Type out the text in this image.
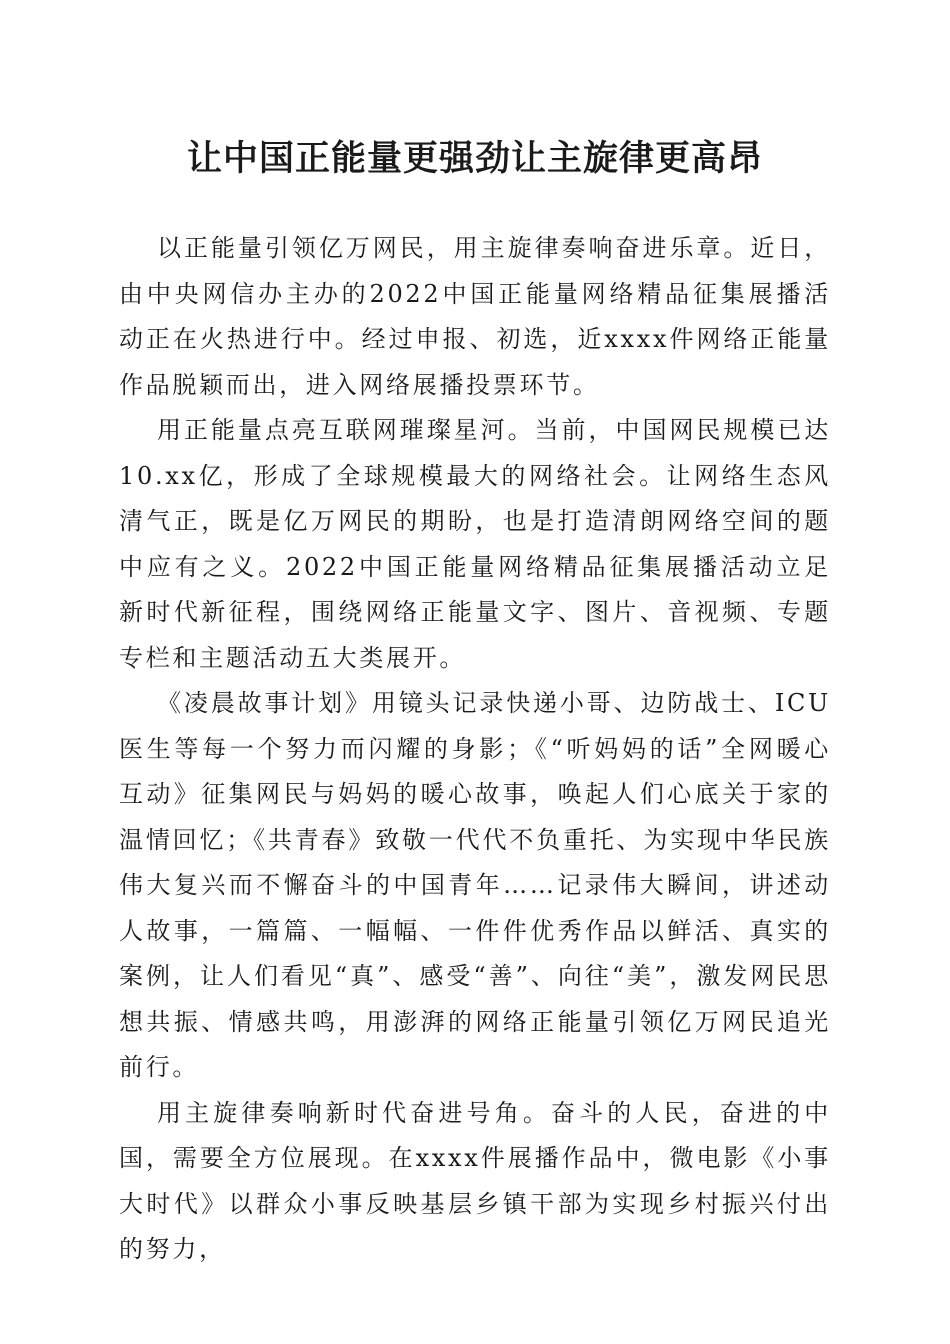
让中国正能量更强劲让主旋律更高昂

以正能量引领亿万网民，用主旋律奏响奋进乐章。近日，由中央网信办主办的2022中国正能量网络精品征集展播活动正在火热进行中。经过申报、初选，近xxxx件网络正能量作品脱颖而出，进入网络展播投票环节。

用正能量点亮互联网璀璨星河。当前，中国网民规模已达10.xx亿，形成了全球规模最大的网络社会。让网络生态风清气正，既是亿万网民的期盼，也是打造清朗网络空间的题中应有之义。2022中国正能量网络精品征集展播活动立足新时代新征程，围绕网络正能量文字、图片、音视频、专题专栏和主题活动五大类展开。

《凌晨故事计划》用镜头记录快递小哥、边防战士、ICU医生等每一个努力而闪耀的身影；《“听妈妈的话”全网暖心互动》征集网民与妈妈的暖心故事，唤起人们心底关于家的温情回忆；《共青春》致敬一代代不负重托、为实现中华民族伟大复兴而不懈奋斗的中国青年……记录伟大瞬间，讲述动人故事，一篇篇、一幅幅、一件件优秀作品以鲜活、真实的案例，让人们看见“真”、感受“善”、向往“美”，激发网民思想共振、情感共鸣，用澎湃的网络正能量引领亿万网民追光前行。

用主旋律奏响新时代奋进号角。奋斗的人民，奋进的中国，需要全方位展现。在xxxx件展播作品中，微电影《小事大时代》以群众小事反映基层乡镇干部为实现乡村振兴付出的努力，
